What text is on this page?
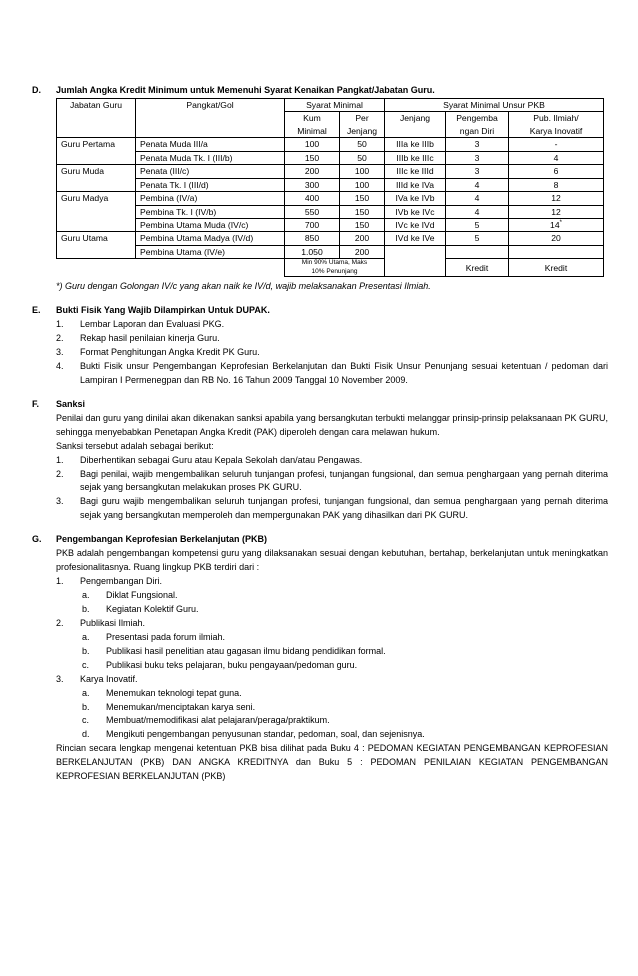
D. Jumlah Angka Kredit Minimum untuk Memenuhi Syarat Kenaikan Pangkat/Jabatan Guru.
Jabatan Guru	Pangkat/Gol	Syarat Minimal		Syarat Minimal Unsur PKB		
		Kum	Per	Jenjang	Pengemba	Pub. Ilmiah/
		Minimal	Jenjang		ngan Diri	Karya Inovatif
Guru Pertama	Penata Muda III/a	100	50	IIIa ke IIIb	3	-
	Penata Muda Tk. I (III/b)	150	50	IIIb ke IIIc	3	4
Guru Muda	Penata (III/c)	200	100	IIIc ke IIId	3	6
	Penata Tk. I (III/d)	300	100	IIId ke IVa	4	8
Guru Madya	Pembina (IV/a)	400	150	IVa ke IVb	4	12
	Pembina Tk. I (IV/b)	550	150	IVb ke IVc	4	12
	Pembina Utama Muda (IV/c)	700	150	IVc ke IVd	5	14*
Guru Utama	Pembina Utama Madya (IV/d)	850	200	IVd ke IVe	5	20
	Pembina Utama (IV/e)	1.050	200			

		Min 90% Utama, Maks
10% Penunjang			Kredit	Kredit
*) Guru dengan Golongan IV/c yang akan naik ke IV/d, wajib melaksanakan Presentasi Ilmiah.
E. Bukti Fisik Yang Wajib Dilampirkan Untuk DUPAK.
1. Lembar Laporan dan Evaluasi PKG.
2. Rekap hasil penilaian kinerja Guru.
3. Format Penghitungan Angka Kredit PK Guru.
4. Bukti Fisik unsur Pengembangan Keprofesian Berkelanjutan dan Bukti Fisik Unsur Penunjang sesuai ketentuan / pedoman dari Lampiran I Permenegpan dan RB No. 16 Tahun 2009 Tanggal 10 November 2009.
F. Sanksi

Penilai dan guru yang dinilai akan dikenakan sanksi apabila yang bersangkutan terbukti melanggar prinsip-prinsip pelaksanaan PK GURU, sehingga menyebabkan Penetapan Angka Kredit (PAK) diperoleh dengan cara melawan hukum.

Sanksi tersebut adalah sebagai berikut:

1. Diberhentikan sebagai Guru atau Kepala Sekolah dan/atau Pengawas.
2. Bagi penilai, wajib mengembalikan seluruh tunjangan profesi, tunjangan fungsional, dan semua penghargaan yang pernah diterima sejak yang bersangkutan melakukan proses PK GURU.
3. Bagi guru wajib mengembalikan seluruh tunjangan profesi, tunjangan fungsional, dan semua penghargaan yang pernah diterima sejak yang bersangkutan memperoleh dan mempergunakan PAK yang dihasilkan dari PK GURU.
G. Pengembangan Keprofesian Berkelanjutan (PKB)

PKB adalah pengembangan kompetensi guru yang dilaksanakan sesuai dengan kebutuhan, bertahap, berkelanjutan untuk meningkatkan profesionalitasnya. Ruang lingkup PKB terdiri dari :

1. Pengembangan Diri.
a. Diklat Fungsional.
b. Kegiatan Kolektif Guru.
2. Publikasi Ilmiah.
a. Presentasi pada forum ilmiah.
b. Publikasi hasil penelitian atau gagasan ilmu bidang pendidikan formal.
c. Publikasi buku teks pelajaran, buku pengayaan/pedoman guru.
3. Karya Inovatif.
a. Menemukan teknologi tepat guna.
b. Menemukan/menciptakan karya seni.
c. Membuat/memodifikasi alat pelajaran/peraga/praktikum.
d. Mengikuti pengembangan penyusunan standar, pedoman, soal, dan sejenisnya.

Rincian secara lengkap mengenai ketentuan PKB bisa dilihat pada Buku 4 : PEDOMAN KEGIATAN PENGEMBANGAN KEPROFESIAN BERKELANJUTAN (PKB) DAN ANGKA KREDITNYA dan Buku 5 : PEDOMAN PENILAIAN KEGIATAN PENGEMBANGAN KEPROFESIAN BERKELANJUTAN (PKB)
